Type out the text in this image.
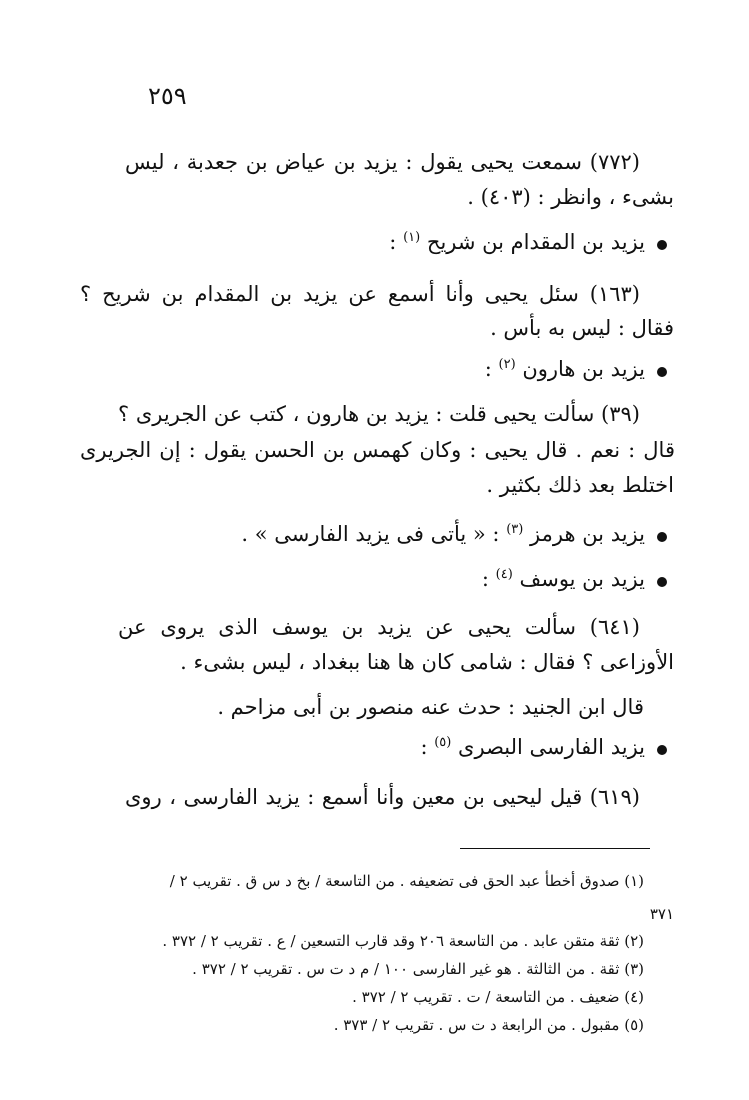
٢٥٩
(٧٧٢) سمعت يحيى يقول : يزيد بن عياض بن جعدبة ، ليس
بشىء ، وانظر : (٤٠٣) .
يزيد بن المقدام بن شريح $^{(١)}$ :
(١٦٣) سئل يحيى وأنا أسمع عن يزيد بن المقدام بن شريح ؟
فقال : ليس به بأس .
يزيد بن هارون $^{(٢)}$ :
(٣٩) سألت يحيى قلت : يزيد بن هارون ، كتب عن الجريرى ؟
قال : نعم . قال يحيى : وكان كهمس بن الحسن يقول : إن الجريرى
اختلط بعد ذلك بكثير .
يزيد بن هرمز $^{(٣)}$ : « يأتى فى يزيد الفارسى » .
يزيد بن يوسف $^{(٤)}$ :
(٦٤١) سألت يحيى عن يزيد بن يوسف الذى يروى عن
الأوزاعى ؟ فقال : شامى كان ها هنا ببغداد ، ليس بشىء .
قال ابن الجنيد : حدث عنه منصور بن أبى مزاحم .
يزيد الفارسى البصرى $^{(٥)}$ :
(٦١٩) قيل ليحيى بن معين وأنا أسمع : يزيد الفارسى ، روى
(١) صدوق أخطأ عبد الحق فى تضعيفه . من التاسعة / بخ د س ق . تقريب ٢ /
٣٧١
(٢) ثقة متقن عابد . من التاسعة ٢٠٦ وقد قارب التسعين / ع . تقريب ٢ / ٣٧٢ .
(٣) ثقة . من الثالثة . هو غير الفارسى ١٠٠ / م د ت س . تقريب ٢ / ٣٧٢ .
(٤) ضعيف . من التاسعة / ت . تقريب ٢ / ٣٧٢ .
(٥) مقبول . من الرابعة د ت س . تقريب ٢ / ٣٧٣ .
